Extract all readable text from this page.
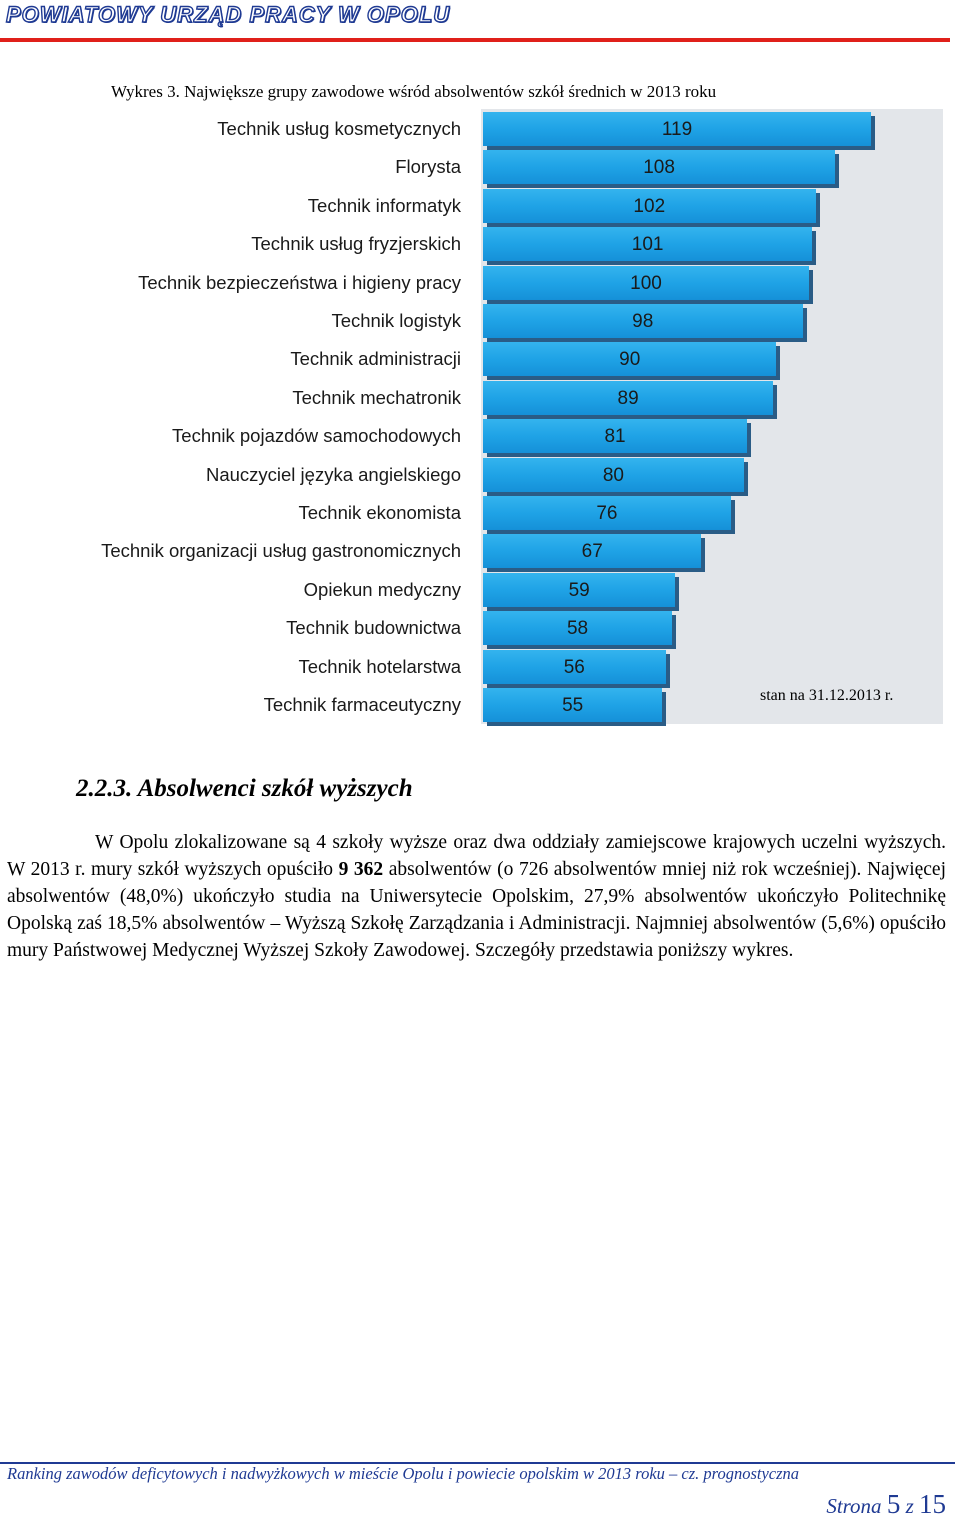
POWIATOWY URZĄD PRACY W OPOLU
Wykres 3. Największe grupy zawodowe wśród absolwentów szkół średnich w 2013 roku
Technik usług kosmetycznych	119
Florysta	108
Technik informatyk	102
Technik usług fryzjerskich	101
Technik bezpieczeństwa i higieny pracy	100
Technik logistyk	98
Technik administracji	90
Technik mechatronik	89
Technik pojazdów samochodowych	81
Nauczyciel języka angielskiego	80
Technik ekonomista	76
Technik organizacji usług gastronomicznych	67
Opiekun medyczny	59
Technik budownictwa	58
Technik hotelarstwa	56
Technik farmaceutyczny	55	stan na 31.12.2013 r.
2.2.3. Absolwenci szkół wyższych
W Opolu zlokalizowane są 4 szkoły wyższe oraz dwa oddziały zamiejscowe krajowych uczelni wyższych. W 2013 r. mury szkół wyższych opuściło 9 362 absolwentów (o 726 absolwentów mniej niż rok wcześniej). Najwięcej absolwentów (48,0%) ukończyło studia na Uniwersytecie Opolskim, 27,9% absolwentów ukończyło Politechnikę Opolską zaś 18,5% absolwentów – Wyższą Szkołę Zarządzania i Administracji. Najmniej absolwentów (5,6%) opuściło mury Państwowej Medycznej Wyższej Szkoły Zawodowej. Szczegóły przedstawia poniższy wykres.
Ranking zawodów deficytowych i nadwyżkowych w mieście Opolu i powiecie opolskim w 2013 roku – cz. prognostyczna
Strona 5 z 15
